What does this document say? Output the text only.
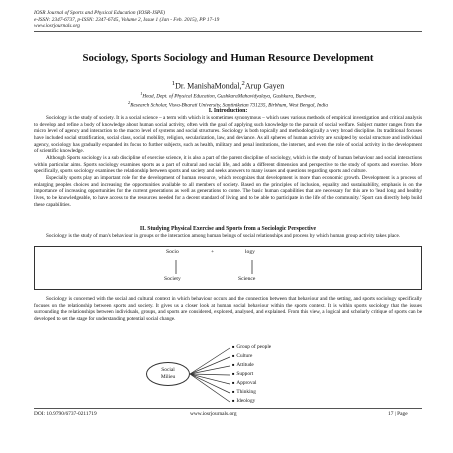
IOSR Journal of Sports and Physical Education (IOSR-JSPE)
e-ISSN: 2347-6737, p-ISSN: 2347-6745, Volume 2, Issue 1 (Jan - Feb. 2015), PP 17-19
www.iosrjournals.org
Sociology, Sports Sociology and Human Resource Development
$^1$Dr. ManishaMondal,$^2$Arup Gayen
$^1$Head, Dept. of Physical Education, GushkaraMahavidyalaya, Gushkara, Burdwan,
$^2$Research Scholar, Visva-Bharati University, Santiniketan 731235, Birbhum, West Bengal, India
I. Introduction:

Sociology is the study of society. It is a social science – a term with which it is sometimes synonymous – which uses various methods of empirical investigation and critical analysis to develop and refine a body of knowledge about human social activity, often with the goal of applying such knowledge to the pursuit of social welfare. Subject matter ranges from the micro level of agency and interaction to the macro level of systems and social structures. Sociology is both topically and methodologically a very broad discipline. Its traditional focuses have included social stratification, social class, social mobility, religion, secularization, law, and deviance. As all spheres of human activity are sculpted by social structure and individual agency, sociology has gradually expanded its focus to further subjects, such as health, military and penal institutions, the internet, and even the role of social activity in the development of scientific knowledge.

Although Sports sociology is a sub discipline of exercise science, it is also a part of the parent discipline of sociology, which is the study of human behaviour and social interactions within particular aims. Sports sociology examines sports as a part of cultural and social life, and adds a different dimension and perspective to the study of sports and exercise. More specifically, sports sociology examines the relationship between sports and society and seeks answers to many issues and questions regarding sports and culture.

Especially sports play an important role for the development of human resource, which recognizes that development is more than economic growth. Development is a process of enlarging peoples choices and increasing the opportunities available to all members of society. Based on the principles of inclusion, equality and sustainability, emphasis is on the importance of increasing opportunities for the current generations as well as generations to come. The basic human capabilities that are necessary for this are to 'lead long and healthy lives, to be knowledgeable, to have access to the resources needed for a decent standard of living and to be able to participate in the life of the community.' Sport can directly help build these capabilities.

II. Studying Physical Exercise and Sports from a Sociologic Perspective

Sociology is the study of man's behaviour in groups or the interaction among human beings of social relationships and process by which human group activity takes place.

Socio	+	logy
Society	Science

Sociology is concerned with the social and cultural context in which behaviour occurs and the connection between that behaviour and the setting, and sports sociology specifically focuses on the relationship between sports and society. It gives us a closer look at human social behaviour within the sports context. It is within sports sociology that the issues surrounding the relationships between individuals, groups, and sports are considered, explored, analysed, and explained. From this view, a logical and scholarly critique of sports can be developed to set the stage for understanding potential social change.

Social
Milieu
■ Group of people
■ Culture
■ Attitude
■ Support
■ Approval
■ Thinking
■ Ideology
DOI: 10.9790/6737-0211719	www.iosrjournals.org	17 | Page
